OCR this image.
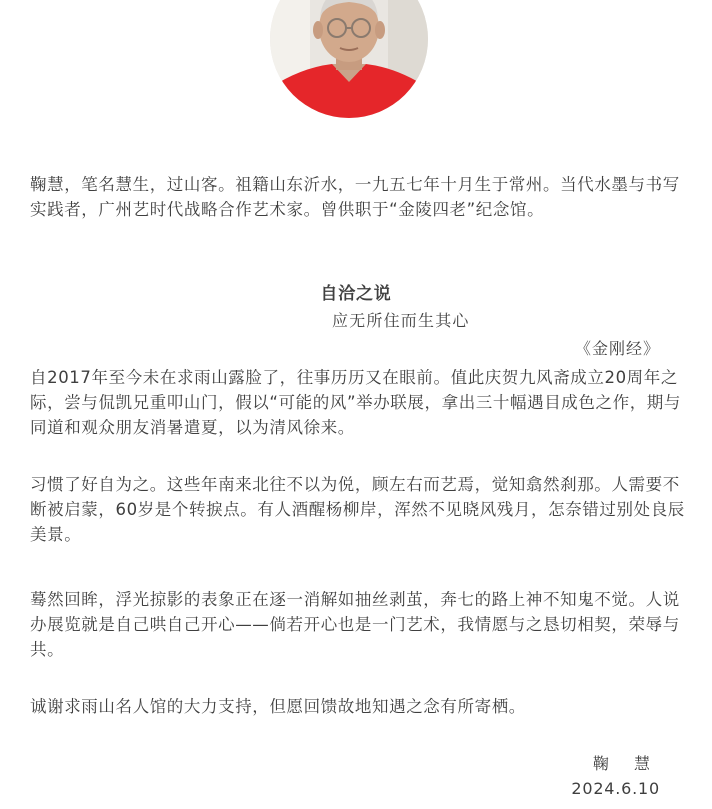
鞠慧，笔名慧生，过山客。祖籍山东沂水，一九五七年十月生于常州。当代水墨与书写实践者，广州艺时代战略合作艺术家。曾供职于“金陵四老”纪念馆。

自洽之说
应无所住而生其心
《金刚经》

自2017年至今未在求雨山露脸了，往事历历又在眼前。值此庆贺九风斋成立20周年之际，尝与侃凯兄重叩山门，假以“可能的风”举办联展，拿出三十幅遇目成色之作，期与同道和观众朋友消暑遣夏，以为清风徐来。

习惯了好自为之。这些年南来北往不以为侻，顾左右而艺焉，觉知翕然刹那。人需要不断被启蒙，60岁是个转捩点。有人酒醒杨柳岸，浑然不见晓风残月，怎奈错过别处良辰美景。

蓦然回眸，浮光掠影的表象正在逐一消解如抽丝剥茧，奔七的路上神不知鬼不觉。人说办展览就是自己哄自己开心——倘若开心也是一门艺术，我情愿与之恳切相契，荣辱与共。

诚谢求雨山名人馆的大力支持，但愿回馈故地知遇之念有所寄栖。

鞠 慧
2024.6.10
